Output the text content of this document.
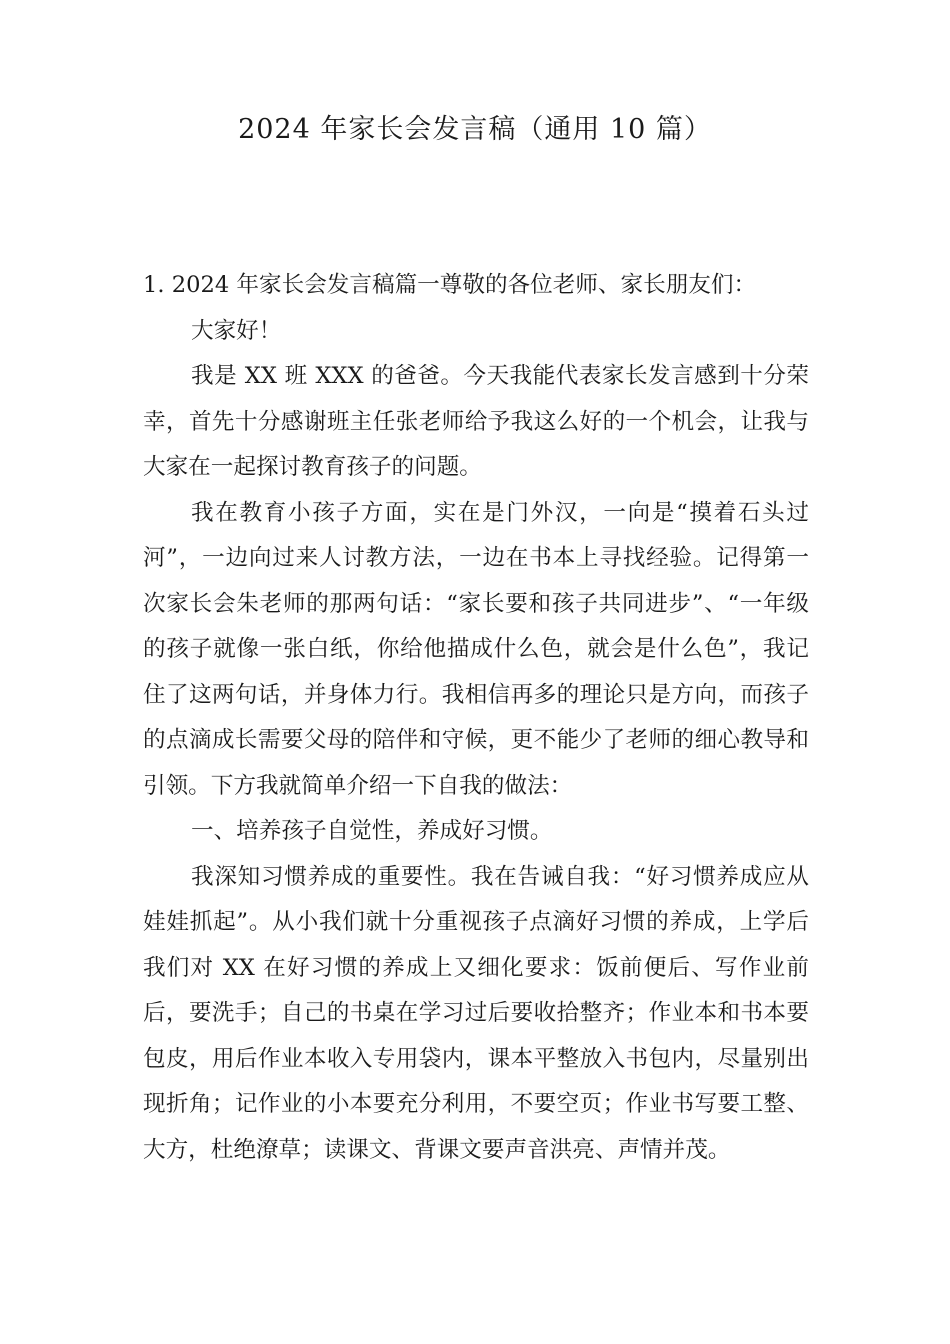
2024 年家长会发言稿（通用 10 篇）

1. 2024 年家长会发言稿篇一尊敬的各位老师、家长朋友们：

大家好！

我是 XX 班 XXX 的爸爸。今天我能代表家长发言感到十分荣幸，首先十分感谢班主任张老师给予我这么好的一个机会，让我与大家在一起探讨教育孩子的问题。

我在教育小孩子方面，实在是门外汉，一向是“摸着石头过河”，一边向过来人讨教方法，一边在书本上寻找经验。记得第一次家长会朱老师的那两句话：“家长要和孩子共同进步”、“一年级的孩子就像一张白纸，你给他描成什么色，就会是什么色”，我记住了这两句话，并身体力行。我相信再多的理论只是方向，而孩子的点滴成长需要父母的陪伴和守候，更不能少了老师的细心教导和引领。下方我就简单介绍一下自我的做法：

一、培养孩子自觉性，养成好习惯。

我深知习惯养成的重要性。我在告诫自我：“好习惯养成应从娃娃抓起”。从小我们就十分重视孩子点滴好习惯的养成，上学后我们对 XX 在好习惯的养成上又细化要求：饭前便后、写作业前后，要洗手；自己的书桌在学习过后要收拾整齐；作业本和书本要包皮，用后作业本收入专用袋内，课本平整放入书包内，尽量别出现折角；记作业的小本要充分利用，不要空页；作业书写要工整、大方，杜绝潦草；读课文、背课文要声音洪亮、声情并茂。
